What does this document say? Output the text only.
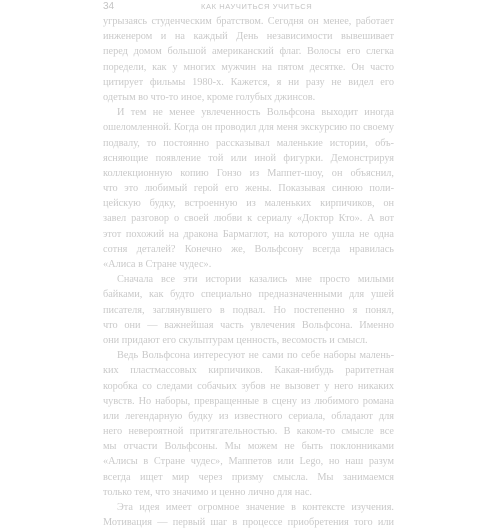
34	КАК НАУЧИТЬСЯ УЧИТЬСЯ
угрызаясь студенческим братством. Сегодня он менее, работает
инженером и на каждый День независимости вывешивает
перед домом большой американский флаг. Волосы его слегка
поредели, как у многих мужчин на пятом десятке. Он часто
цитирует фильмы 1980-х. Кажется, я ни разу не видел его
одетым во что-то иное, кроме голубых джинсов.
И тем не менее увлеченность Вольфсона выходит иногда
ошеломленной. Когда он проводил для меня экскурсию по своему
подвалу, то постоянно рассказывал маленькие истории, объ-
ясняющие появление той или иной фигурки. Демонстрируя
коллекционную копию Гонзо из Маппет-шоу, он объяснил,
что это любимый герой его жены. Показывая синюю поли-
цейскую будку, встроенную из маленьких кирпичиков, он
завел разговор о своей любви к сериалу «Доктор Кто». А вот
этот похожий на дракона Бармаглот, на которого ушла не одна
сотня деталей? Конечно же, Вольфсону всегда нравилась
«Алиса в Стране чудес».
Сначала все эти истории казались мне просто милыми
байками, как будто специально предназначенными для ушей
писателя, заглянувшего в подвал. Но постепенно я понял,
что они — важнейшая часть увлечения Вольфсона. Именно
они придают его скульптурам ценность, весомость и смысл.
Ведь Вольфсона интересуют не сами по себе наборы малень-
ких пластмассовых кирпичиков. Какая-нибудь раритетная
коробка со следами собачьих зубов не вызовет у него никаких
чувств. Но наборы, превращенные в сцену из любимого романа
или легендарную будку из известного сериала, обладают для
него невероятной притягательностью. В каком-то смысле все
мы отчасти Вольфсоны. Мы можем не быть поклонниками
«Алисы в Стране чудес», Маппетов или Lego, но наш разум
всегда ищет мир через призму смысла. Мы занимаемся
только тем, что значимо и ценно лично для нас.
Эта идея имеет огромное значение в контексте изучения.
Мотивация — первый шаг в процессе приобретения того или
